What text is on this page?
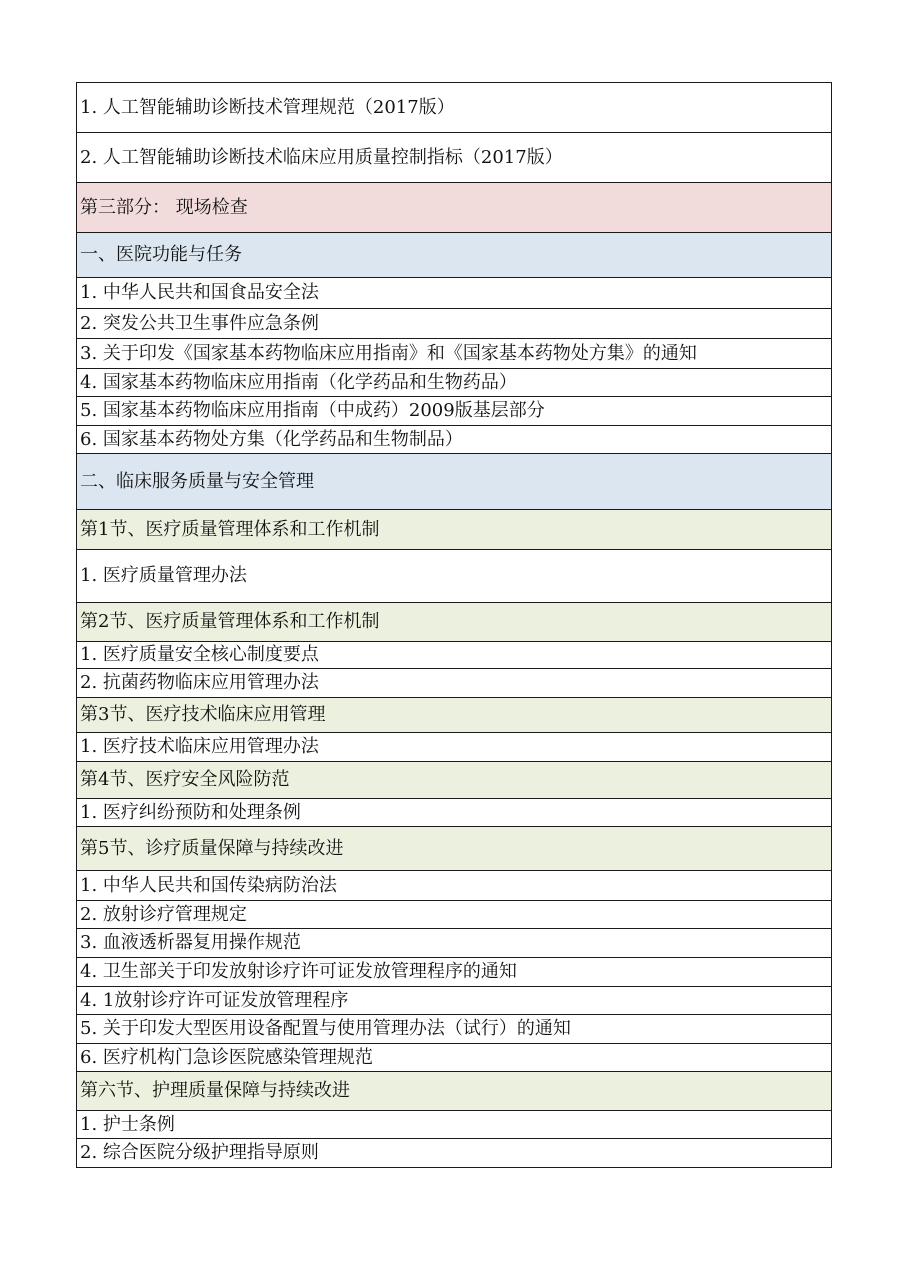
1. 人工智能辅助诊断技术管理规范（2017版）
2. 人工智能辅助诊断技术临床应用质量控制指标（2017版）
第三部分： 现场检查
一、医院功能与任务
1. 中华人民共和国食品安全法
2. 突发公共卫生事件应急条例
3. 关于印发《国家基本药物临床应用指南》和《国家基本药物处方集》的通知
4. 国家基本药物临床应用指南（化学药品和生物药品）
5. 国家基本药物临床应用指南（中成药）2009版基层部分
6. 国家基本药物处方集（化学药品和生物制品）
二、临床服务质量与安全管理
第1节、医疗质量管理体系和工作机制
1. 医疗质量管理办法
第2节、医疗质量管理体系和工作机制
1. 医疗质量安全核心制度要点
2. 抗菌药物临床应用管理办法
第3节、医疗技术临床应用管理
1. 医疗技术临床应用管理办法
第4节、医疗安全风险防范
1. 医疗纠纷预防和处理条例
第5节、诊疗质量保障与持续改进
1. 中华人民共和国传染病防治法
2. 放射诊疗管理规定
3. 血液透析器复用操作规范
4. 卫生部关于印发放射诊疗许可证发放管理程序的通知
4. 1放射诊疗许可证发放管理程序
5. 关于印发大型医用设备配置与使用管理办法（试行）的通知
6. 医疗机构门急诊医院感染管理规范
第六节、护理质量保障与持续改进
1. 护士条例
2. 综合医院分级护理指导原则
